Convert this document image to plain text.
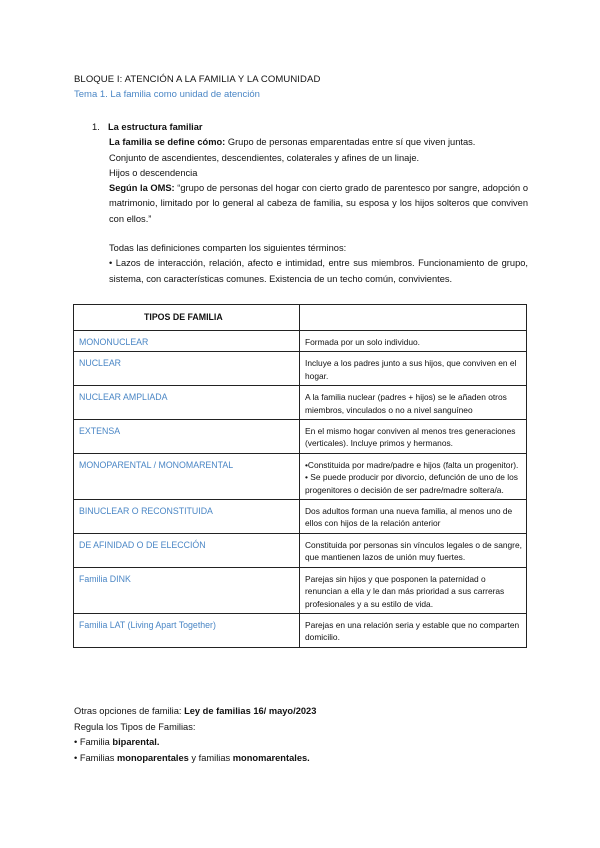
BLOQUE I: ATENCIÓN A LA FAMILIA Y LA COMUNIDAD
Tema 1. La familia como unidad de atención
1. La estructura familiar
La familia se define cómo: Grupo de personas emparentadas entre sí que viven juntas.
Conjunto de ascendientes, descendientes, colaterales y afines de un linaje.
Hijos o descendencia
Según la OMS: “grupo de personas del hogar con cierto grado de parentesco por sangre, adopción o matrimonio, limitado por lo general al cabeza de familia, su esposa y los hijos solteros que conviven con ellos.”
Todas las definiciones comparten los siguientes términos:
• Lazos de interacción, relación, afecto e intimidad, entre sus miembros. Funcionamiento de grupo, sistema, con características comunes. Existencia de un techo común, convivientes.
TIPOS DE FAMILIA	
MONONUCLEAR	Formada por un solo individuo.
NUCLEAR	Incluye a los padres junto a sus hijos, que conviven en el hogar.
NUCLEAR AMPLIADA	A la familia nuclear (padres + hijos) se le añaden otros miembros, vinculados o no a nivel sanguíneo
EXTENSA	En el mismo hogar conviven al menos tres generaciones (verticales). Incluye primos y hermanos.
MONOPARENTAL / MONOMARENTAL	•Constituida por madre/padre e hijos (falta un progenitor).
• Se puede producir por divorcio, defunción de uno de los progenitores o decisión de ser padre/madre soltera/a.

BINUCLEAR O RECONSTITUIDA	Dos adultos forman una nueva familia, al menos uno de ellos con hijos de la relación anterior
DE AFINIDAD O DE ELECCIÓN	Constituida por personas sin vínculos legales o de sangre, que mantienen lazos de unión muy fuertes.
Familia DINK	Parejas sin hijos y que posponen la paternidad o renuncian a ella y le dan más prioridad a sus carreras profesionales y a su estilo de vida.
Familia LAT (Living Apart Together)	Parejas en una relación seria y estable que no comparten domicilio.
Otras opciones de familia: Ley de familias 16/ mayo/2023
Regula los Tipos de Familias:
• Familia biparental.
• Familias monoparentales y familias monomarentales.
